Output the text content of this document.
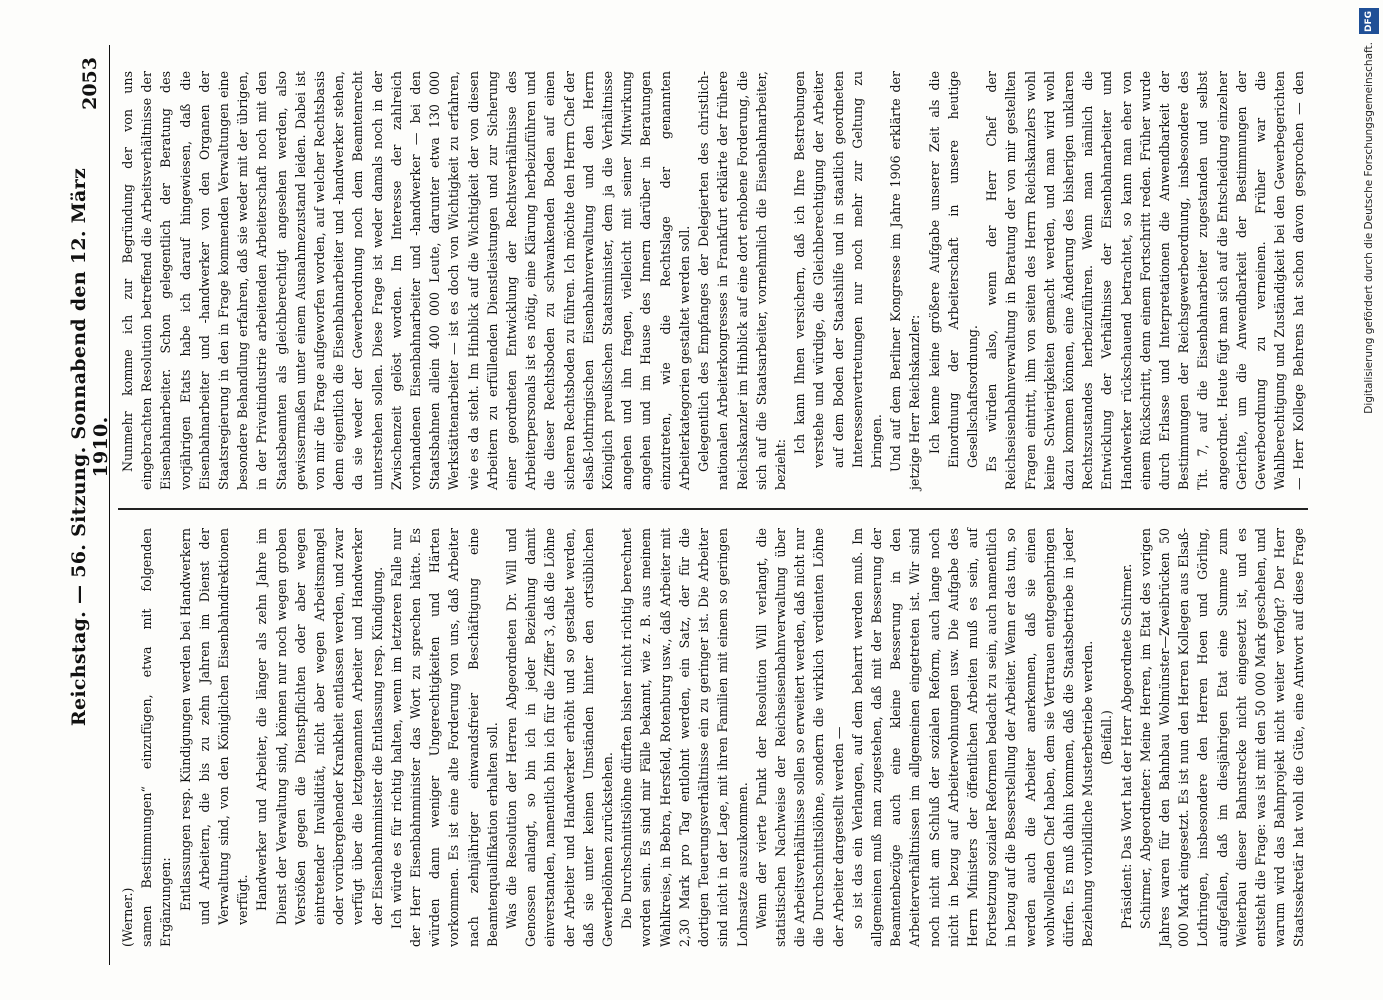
Reichstag. — 56. Sitzung. Sonnabend den 12. März 1910.
2053

(Werner.) samen Bestimmungen“ einzufügen, etwa mit folgenden Ergänzungen: Entlassungen resp. Kündigungen werden bei Handwerkern und Arbeitern, die bis zu zehn Jahren im Dienst der Verwaltung sind, von den Königlichen Eisenbahndirektionen verfügt. Handwerker und Arbeiter, die länger als zehn Jahre im Dienst der Verwaltung sind, können nur noch wegen groben Verstößen gegen die Dienstpflichten oder aber wegen eintretender Invalidität, nicht aber wegen Arbeitsmangel oder vorübergehender Krankheit entlassen werden, und zwar verfügt über die letztgenannten Arbeiter und Handwerker der Eisenbahnminister die Entlassung resp. Kündigung. Ich würde es für richtig halten, wenn im letzteren Falle nur der Herr Eisenbahnminister das Wort zu sprechen hätte. Es würden dann weniger Ungerechtigkeiten und Härten vorkommen. Es ist eine alte Forderung von uns, daß Arbeiter nach zehnjähriger einwandsfreier Beschäftigung eine Beamtenqualifikation erhalten soll. Was die Resolution der Herren Abgeordneten Dr. Will und Genossen anlangt, so bin ich in jeder Beziehung damit einverstanden, namentlich bin ich für die Ziffer 3, daß die Löhne der Arbeiter und Handwerker erhöht und so gestaltet werden, daß sie unter keinen Umständen hinter den ortsüblichen Gewerbelöhnen zurückstehen. Die Durchschnittslöhne dürften bisher nicht richtig berechnet worden sein. Es sind mir Fälle bekannt, wie z. B. aus meinem Wahlkreise, in Bebra, Hersfeld, Rotenburg usw., daß Arbeiter mit 2,30 Mark pro Tag entlohnt werden, ein Satz, der für die dortigen Teuerungsverhältnisse ein zu geringer ist. Die Arbeiter sind nicht in der Lage, mit ihren Familien mit einem so geringen Lohnsatze auszukommen. Wenn der vierte Punkt der Resolution Will verlangt, die statistischen Nachweise der Reichseisenbahnverwaltung über die Arbeitsverhältnisse sollen so erweitert werden, daß nicht nur die Durchschnittslöhne, sondern die wirklich verdienten Löhne der Arbeiter dargestellt werden — so ist das ein Verlangen, auf dem beharrt werden muß. Im allgemeinen muß man zugestehen, daß mit der Besserung der Beamtenbezüge auch eine kleine Besserung in den Arbeiterverhältnissen im allgemeinen eingetreten ist. Wir sind noch nicht am Schluß der sozialen Reform, auch lange noch nicht in bezug auf Arbeiterwohnungen usw. Die Aufgabe des Herrn Ministers der öffentlichen Arbeiten muß es sein, auf Fortsetzung sozialer Reformen bedacht zu sein, auch namentlich in bezug auf die Besserstellung der Arbeiter. Wenn er das tun, so werden auch die Arbeiter anerkennen, daß sie einen wohlwollenden Chef haben, dem sie Vertrauen entgegenbringen dürfen. Es muß dahin kommen, daß die Staatsbetriebe in jeder Beziehung vorbildliche Musterbetriebe werden. (Beifall.) Präsident: Das Wort hat der Herr Abgeordnete Schirmer. Schirmer, Abgeordneter: Meine Herren, im Etat des vorigen Jahres waren für den Bahnbau Wolmünster—Zweibrücken 50 000 Mark eingesetzt. Es ist nun den Herren Kollegen aus Elsaß-Lothringen, insbesondere den Herren Hoen und Görling, aufgefallen, daß im diesjährigen Etat eine Summe zum Weiterbau dieser Bahnstrecke nicht eingesetzt ist, und es entsteht die Frage: was ist mit den 50 000 Mark geschehen, und warum wird das Bahnprojekt nicht weiter verfolgt? Der Herr Staatssekretär hat wohl die Güte, eine Antwort auf diese Frage

Nunmehr komme ich zur Begründung der von uns eingebrachten Resolution betreffend die Arbeitsverhältnisse der Eisenbahnarbeiter. Schon gelegentlich der Beratung des vorjährigen Etats habe ich darauf hingewiesen, daß die Eisenbahnarbeiter und -handwerker von den Organen der Staatsregierung in den in Frage kommenden Verwaltungen eine besondere Behandlung erfahren, daß sie weder mit der übrigen, in der Privatindustrie arbeitenden Arbeiterschaft noch mit den Staatsbeamten als gleichberechtigt angesehen werden, also gewissermaßen unter einem Ausnahmezustand leiden. Dabei ist von mir die Frage aufgeworfen worden, auf welcher Rechtsbasis denn eigentlich die Eisenbahnarbeiter und -handwerker stehen, da sie weder der Gewerbeordnung noch dem Beamtenrecht unterstehen sollen. Diese Frage ist weder damals noch in der Zwischenzeit gelöst worden. Im Interesse der zahlreich vorhandenen Eisenbahnarbeiter und -handwerker — bei den Staatsbahnen allein 400 000 Leute, darunter etwa 130 000 Werkstättenarbeiter — ist es doch von Wichtigkeit zu erfahren, wie es da steht. Im Hinblick auf die Wichtigkeit der von diesen Arbeitern zu erfüllenden Dienstleistungen und zur Sicherung einer geordneten Entwicklung der Rechtsverhältnisse des Arbeiterpersonals ist es nötig, eine Klärung herbeizuführen und die dieser Rechtsboden zu schwankenden Boden auf einen sicheren Rechtsboden zu führen. Ich möchte den Herrn Chef der elsaß-lothringischen Eisenbahnverwaltung und den Herrn Königlich preußischen Staatsminister, dem ja die Verhältnisse angehen und ihn fragen, vielleicht mit seiner Mitwirkung angehen und im Hause des Innern darüber in Beratungen einzutreten, wie die Rechtslage der genannten Arbeiterkategorien gestaltet werden soll. Gelegentlich des Empfanges der Delegierten des christlich-nationalen Arbeiterkongresses in Frankfurt erklärte der frühere Reichskanzler im Hinblick auf eine dort erhobene Forderung, die sich auf die Staatsarbeiter, vornehmlich die Eisenbahnarbeiter, bezieht:

Ich kann Ihnen versichern, daß ich Ihre Bestrebungen verstehe und würdige, die Gleichberechtigung der Arbeiter auf dem Boden der Staatshilfe und in staatlich geordneten Interessenvertretungen nur noch mehr zur Geltung zu bringen. Und auf dem Berliner Kongresse im Jahre 1906 erklärte der jetzige Herr Reichskanzler: Ich kenne keine größere Aufgabe unserer Zeit als die Einordnung der Arbeiterschaft in unsere heutige Gesellschaftsordnung. Es würden also, wenn der Herr Chef der Reichseisenbahnverwaltung in Beratung der von mir gestellten Fragen eintritt, ihm von seiten des Herrn Reichskanzlers wohl keine Schwierigkeiten gemacht werden, und man wird wohl dazu kommen können, eine Änderung des bisherigen unklaren Rechtszustandes herbeizuführen. Wenn man nämlich die Entwicklung der Verhältnisse der Eisenbahnarbeiter und Handwerker rückschauend betrachtet, so kann man eher von einem Rückschritt, denn einem Fortschritt reden. Früher wurde durch Erlasse und Interpretationen die Anwendbarkeit der Bestimmungen der Reichsgewerbeordnung, insbesondere des Tit. 7, auf die Eisenbahnarbeiter zugestanden und selbst angeordnet. Heute fügt man sich auf die Entscheidung einzelner Gerichte, um die Anwendbarkeit der Bestimmungen der Gewerbeordnung zu verneinen. Früher war die Wahlberechtigung und Zuständigkeit bei den Gewerbegerichten — Herr Kollege Behrens hat schon davon gesprochen — den

DFG
Digitalisierung gefördert durch die Deutsche Forschungsgemeinschaft.
